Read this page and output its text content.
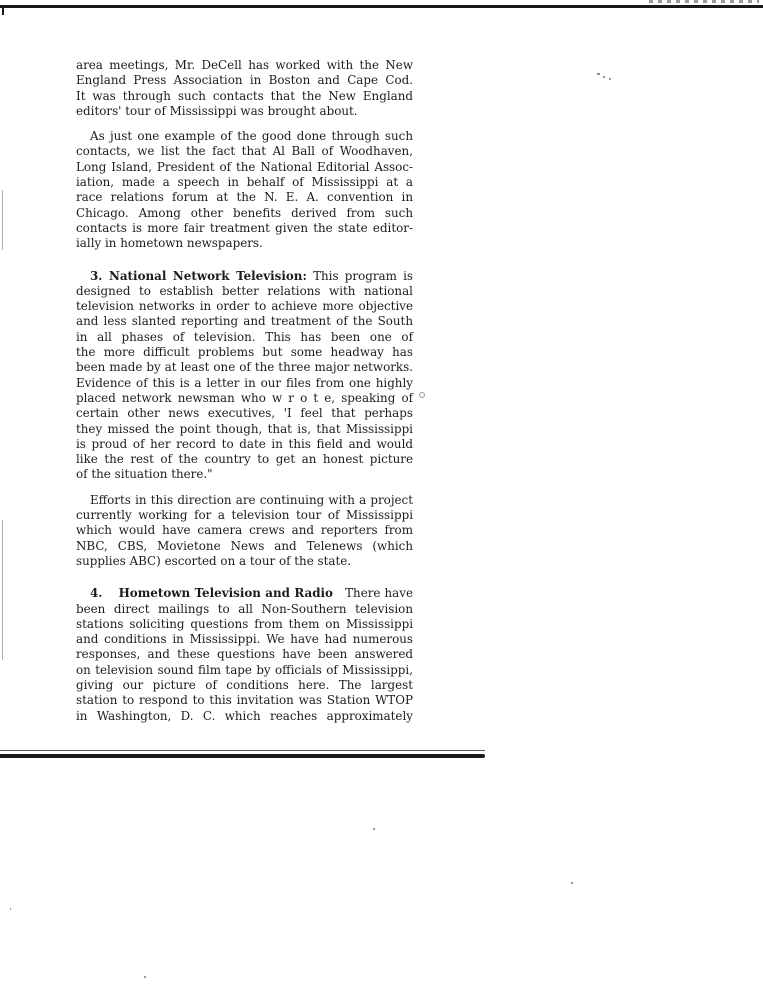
area meetings, Mr. DeCell has worked with the New
England Press Association in Boston and Cape Cod.
It was through such contacts that the New England
editors' tour of Mississippi was brought about.

As just one example of the good done through such
contacts, we list the fact that Al Ball of Woodhaven,
Long Island, President of the National Editorial Assoc-
iation, made a speech in behalf of Mississippi at a
race relations forum at the N. E. A. convention in
Chicago. Among other benefits derived from such
contacts is more fair treatment given the state editor-
ially in hometown newspapers.

3. National Network Television: This program is
designed to establish better relations with national
television networks in order to achieve more objective
and less slanted reporting and treatment of the South
in all phases of television. This has been one of
the more difficult problems but some headway has
been made by at least one of the three major networks.
Evidence of this is a letter in our files from one highly
placed network newsman who w r o t e, speaking of
certain other news executives, 'I feel that perhaps
they missed the point though, that is, that Mississippi
is proud of her record to date in this field and would
like the rest of the country to get an honest picture
of the situation there."

Efforts in this direction are continuing with a project
currently working for a television tour of Mississippi
which would have camera crews and reporters from
NBC, CBS, Movietone News and Telenews (which
supplies ABC) escorted on a tour of the state.

4. Hometown Television and Radio There have
been direct mailings to all Non-Southern television
stations soliciting questions from them on Mississippi
and conditions in Mississippi. We have had numerous
responses, and these questions have been answered
on television sound film tape by officials of Mississippi,
giving our picture of conditions here. The largest
station to respond to this invitation was Station WTOP
in Washington, D. C. which reaches approximately
